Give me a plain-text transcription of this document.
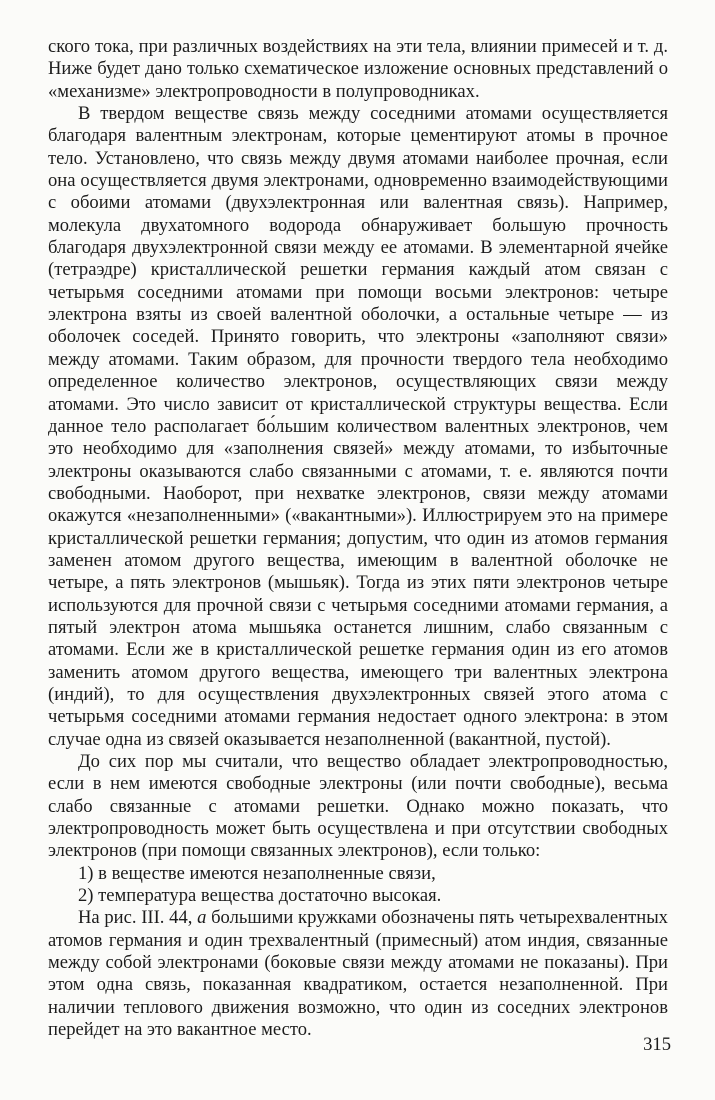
ского тока, при различных воздействиях на эти тела, влиянии примесей и т. д. Ниже будет дано только схематическое изложение основных представлений о «механизме» электропроводности в полупроводниках.

В твердом веществе связь между соседними атомами осуществляется благодаря валентным электронам, которые цементируют атомы в прочное тело. Установлено, что связь между двумя атомами наиболее прочная, если она осуществляется двумя электронами, одновременно взаимодействующими с обоими атомами (двухэлектронная или валентная связь). Например, молекула двухатомного водорода обнаруживает большую прочность благодаря двухэлектронной связи между ее атомами. В элементарной ячейке (тетраэдре) кристаллической решетки германия каждый атом связан с четырьмя соседними атомами при помощи восьми электронов: четыре электрона взяты из своей валентной оболочки, а остальные четыре — из оболочек соседей. Принято говорить, что электроны «заполняют связи» между атомами. Таким образом, для прочности твердого тела необходимо определенное количество электронов, осуществляющих связи между атомами. Это число зависит от кристаллической структуры вещества. Если данное тело располагает бо́льшим количеством валентных электронов, чем это необходимо для «заполнения связей» между атомами, то избыточные электроны оказываются слабо связанными с атомами, т. е. являются почти свободными. Наоборот, при нехватке электронов, связи между атомами окажутся «незаполненными» («вакантными»). Иллюстрируем это на примере кристаллической решетки германия; допустим, что один из атомов германия заменен атомом другого вещества, имеющим в валентной оболочке не четыре, а пять электронов (мышьяк). Тогда из этих пяти электронов четыре используются для прочной связи с четырьмя соседними атомами германия, а пятый электрон атома мышьяка останется лишним, слабо связанным с атомами. Если же в кристаллической решетке германия один из его атомов заменить атомом другого вещества, имеющего три валентных электрона (индий), то для осуществления двухэлектронных связей этого атома с четырьмя соседними атомами германия недостает одного электрона: в этом случае одна из связей оказывается незаполненной (вакантной, пустой).

До сих пор мы считали, что вещество обладает электропроводностью, если в нем имеются свободные электроны (или почти свободные), весьма слабо связанные с атомами решетки. Однако можно показать, что электропроводность может быть осуществлена и при отсутствии свободных электронов (при помощи связанных электронов), если только:

1) в веществе имеются незаполненные связи,

2) температура вещества достаточно высокая.

На рис. III. 44, а большими кружками обозначены пять четырехвалентных атомов германия и один трехвалентный (примесный) атом индия, связанные между собой электронами (боковые связи между атомами не показаны). При этом одна связь, показанная квадратиком, остается незаполненной. При наличии теплового движения возможно, что один из соседних электронов перейдет на это вакантное место.

315
